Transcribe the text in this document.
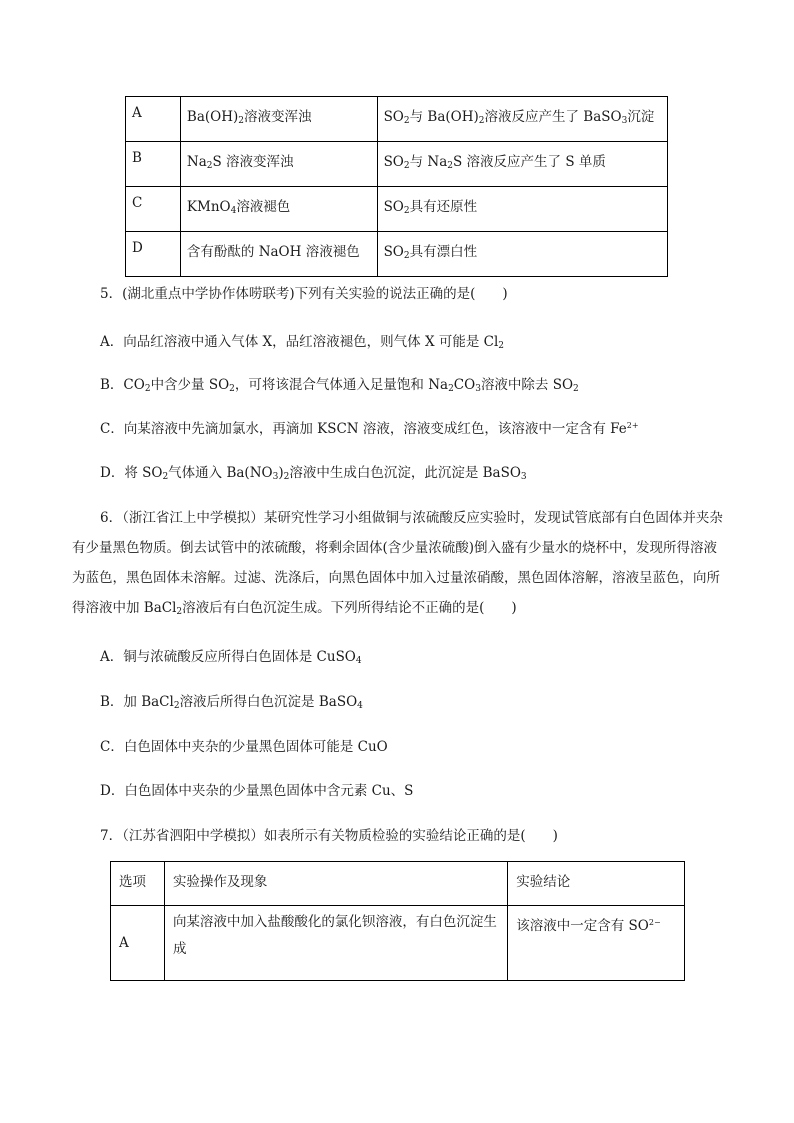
A	$Ba(OH)_2$溶液变浑浊	$SO_2$与 $Ba(OH)_2$溶液反应产生了 BaSO$_3$沉淀

B	$Na_2S$ 溶液变浑浊	$SO_2$与 $Na_2S$ 溶液反应产生了 S 单质

C	KMnO$_4$溶液褪色	$SO_2$具有还原性

D	含有酚酞的 NaOH 溶液褪色	$SO_2$具有漂白性
5．(湖北重点中学协作体唠联考)下列有关实验的说法正确的是(　　)
A．向品红溶液中通入气体 X，品红溶液褪色，则气体 X 可能是 $Cl_2$
B．$CO_2$中含少量 $SO_2$，可将该混合气体通入足量饱和 $Na_2CO_3$溶液中除去 $SO_2$
C．向某溶液中先滴加氯水，再滴加 KSCN 溶液，溶液变成红色，该溶液中一定含有 $Fe^{2+}$
D．将 $SO_2$气体通入 $Ba(NO_3)_2$溶液中生成白色沉淀，此沉淀是 BaSO$_3$
6．（浙江省江上中学模拟）某研究性学习小组做铜与浓硫酸反应实验时，发现试管底部有白色固体并夹杂有少量黑色物质。倒去试管中的浓硫酸，将剩余固体(含少量浓硫酸)倒入盛有少量水的烧杯中，发现所得溶液为蓝色，黑色固体未溶解。过滤、洗涤后，向黑色固体中加入过量浓硝酸，黑色固体溶解，溶液呈蓝色，向所得溶液中加 BaCl$_2$溶液后有白色沉淀生成。下列所得结论不正确的是(　　)
A．铜与浓硫酸反应所得白色固体是 CuSO$_4$
B．加 BaCl$_2$溶液后所得白色沉淀是 BaSO$_4$
C．白色固体中夹杂的少量黑色固体可能是 CuO
D．白色固体中夹杂的少量黑色固体中含元素 Cu、S
7．（江苏省泗阳中学模拟）如表所示有关物质检验的实验结论正确的是(　　)
选项	实验操作及现象	实验结论

A	向某溶液中加入盐酸酸化的氯化钡溶液，有白色沉淀生成	该溶液中一定含有 $SO^{2-}$
